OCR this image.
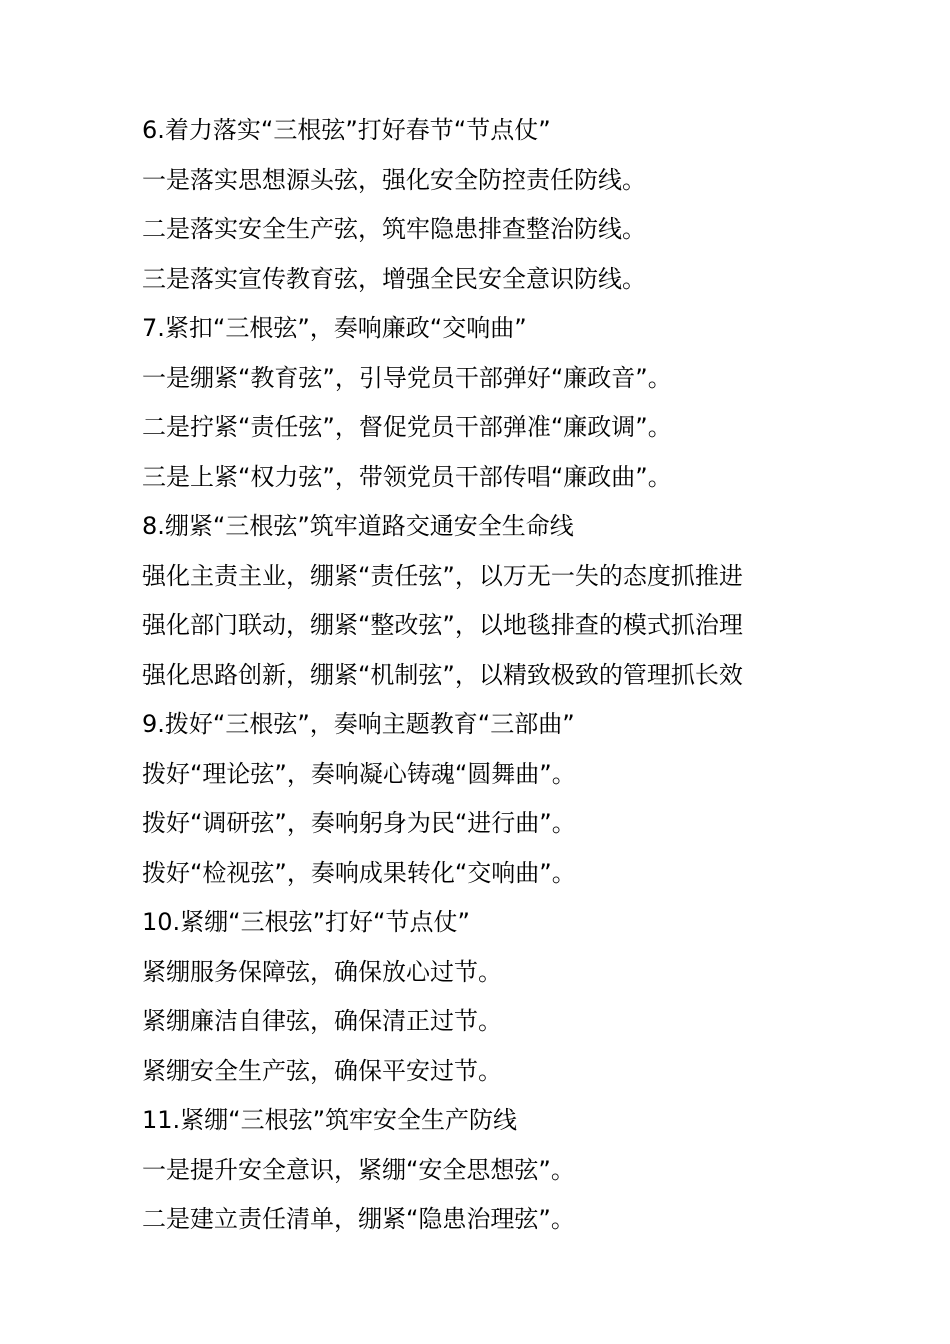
6.着力落实“三根弦”打好春节“节点仗”
一是落实思想源头弦，强化安全防控责任防线。
二是落实安全生产弦，筑牢隐患排查整治防线。
三是落实宣传教育弦，增强全民安全意识防线。
7.紧扣“三根弦”，奏响廉政“交响曲”
一是绷紧“教育弦”，引导党员干部弹好“廉政音”。
二是拧紧“责任弦”，督促党员干部弹准“廉政调”。
三是上紧“权力弦”，带领党员干部传唱“廉政曲”。
8.绷紧“三根弦”筑牢道路交通安全生命线
强化主责主业，绷紧“责任弦”，以万无一失的态度抓推进
强化部门联动，绷紧“整改弦”，以地毯排查的模式抓治理
强化思路创新，绷紧“机制弦”，以精致极致的管理抓长效
9.拨好“三根弦”，奏响主题教育“三部曲”
拨好“理论弦”，奏响凝心铸魂“圆舞曲”。
拨好“调研弦”，奏响躬身为民“进行曲”。
拨好“检视弦”，奏响成果转化“交响曲”。
10.紧绷“三根弦”打好“节点仗”
紧绷服务保障弦，确保放心过节。
紧绷廉洁自律弦，确保清正过节。
紧绷安全生产弦，确保平安过节。
11.紧绷“三根弦”筑牢安全生产防线
一是提升安全意识，紧绷“安全思想弦”。
二是建立责任清单，绷紧“隐患治理弦”。
